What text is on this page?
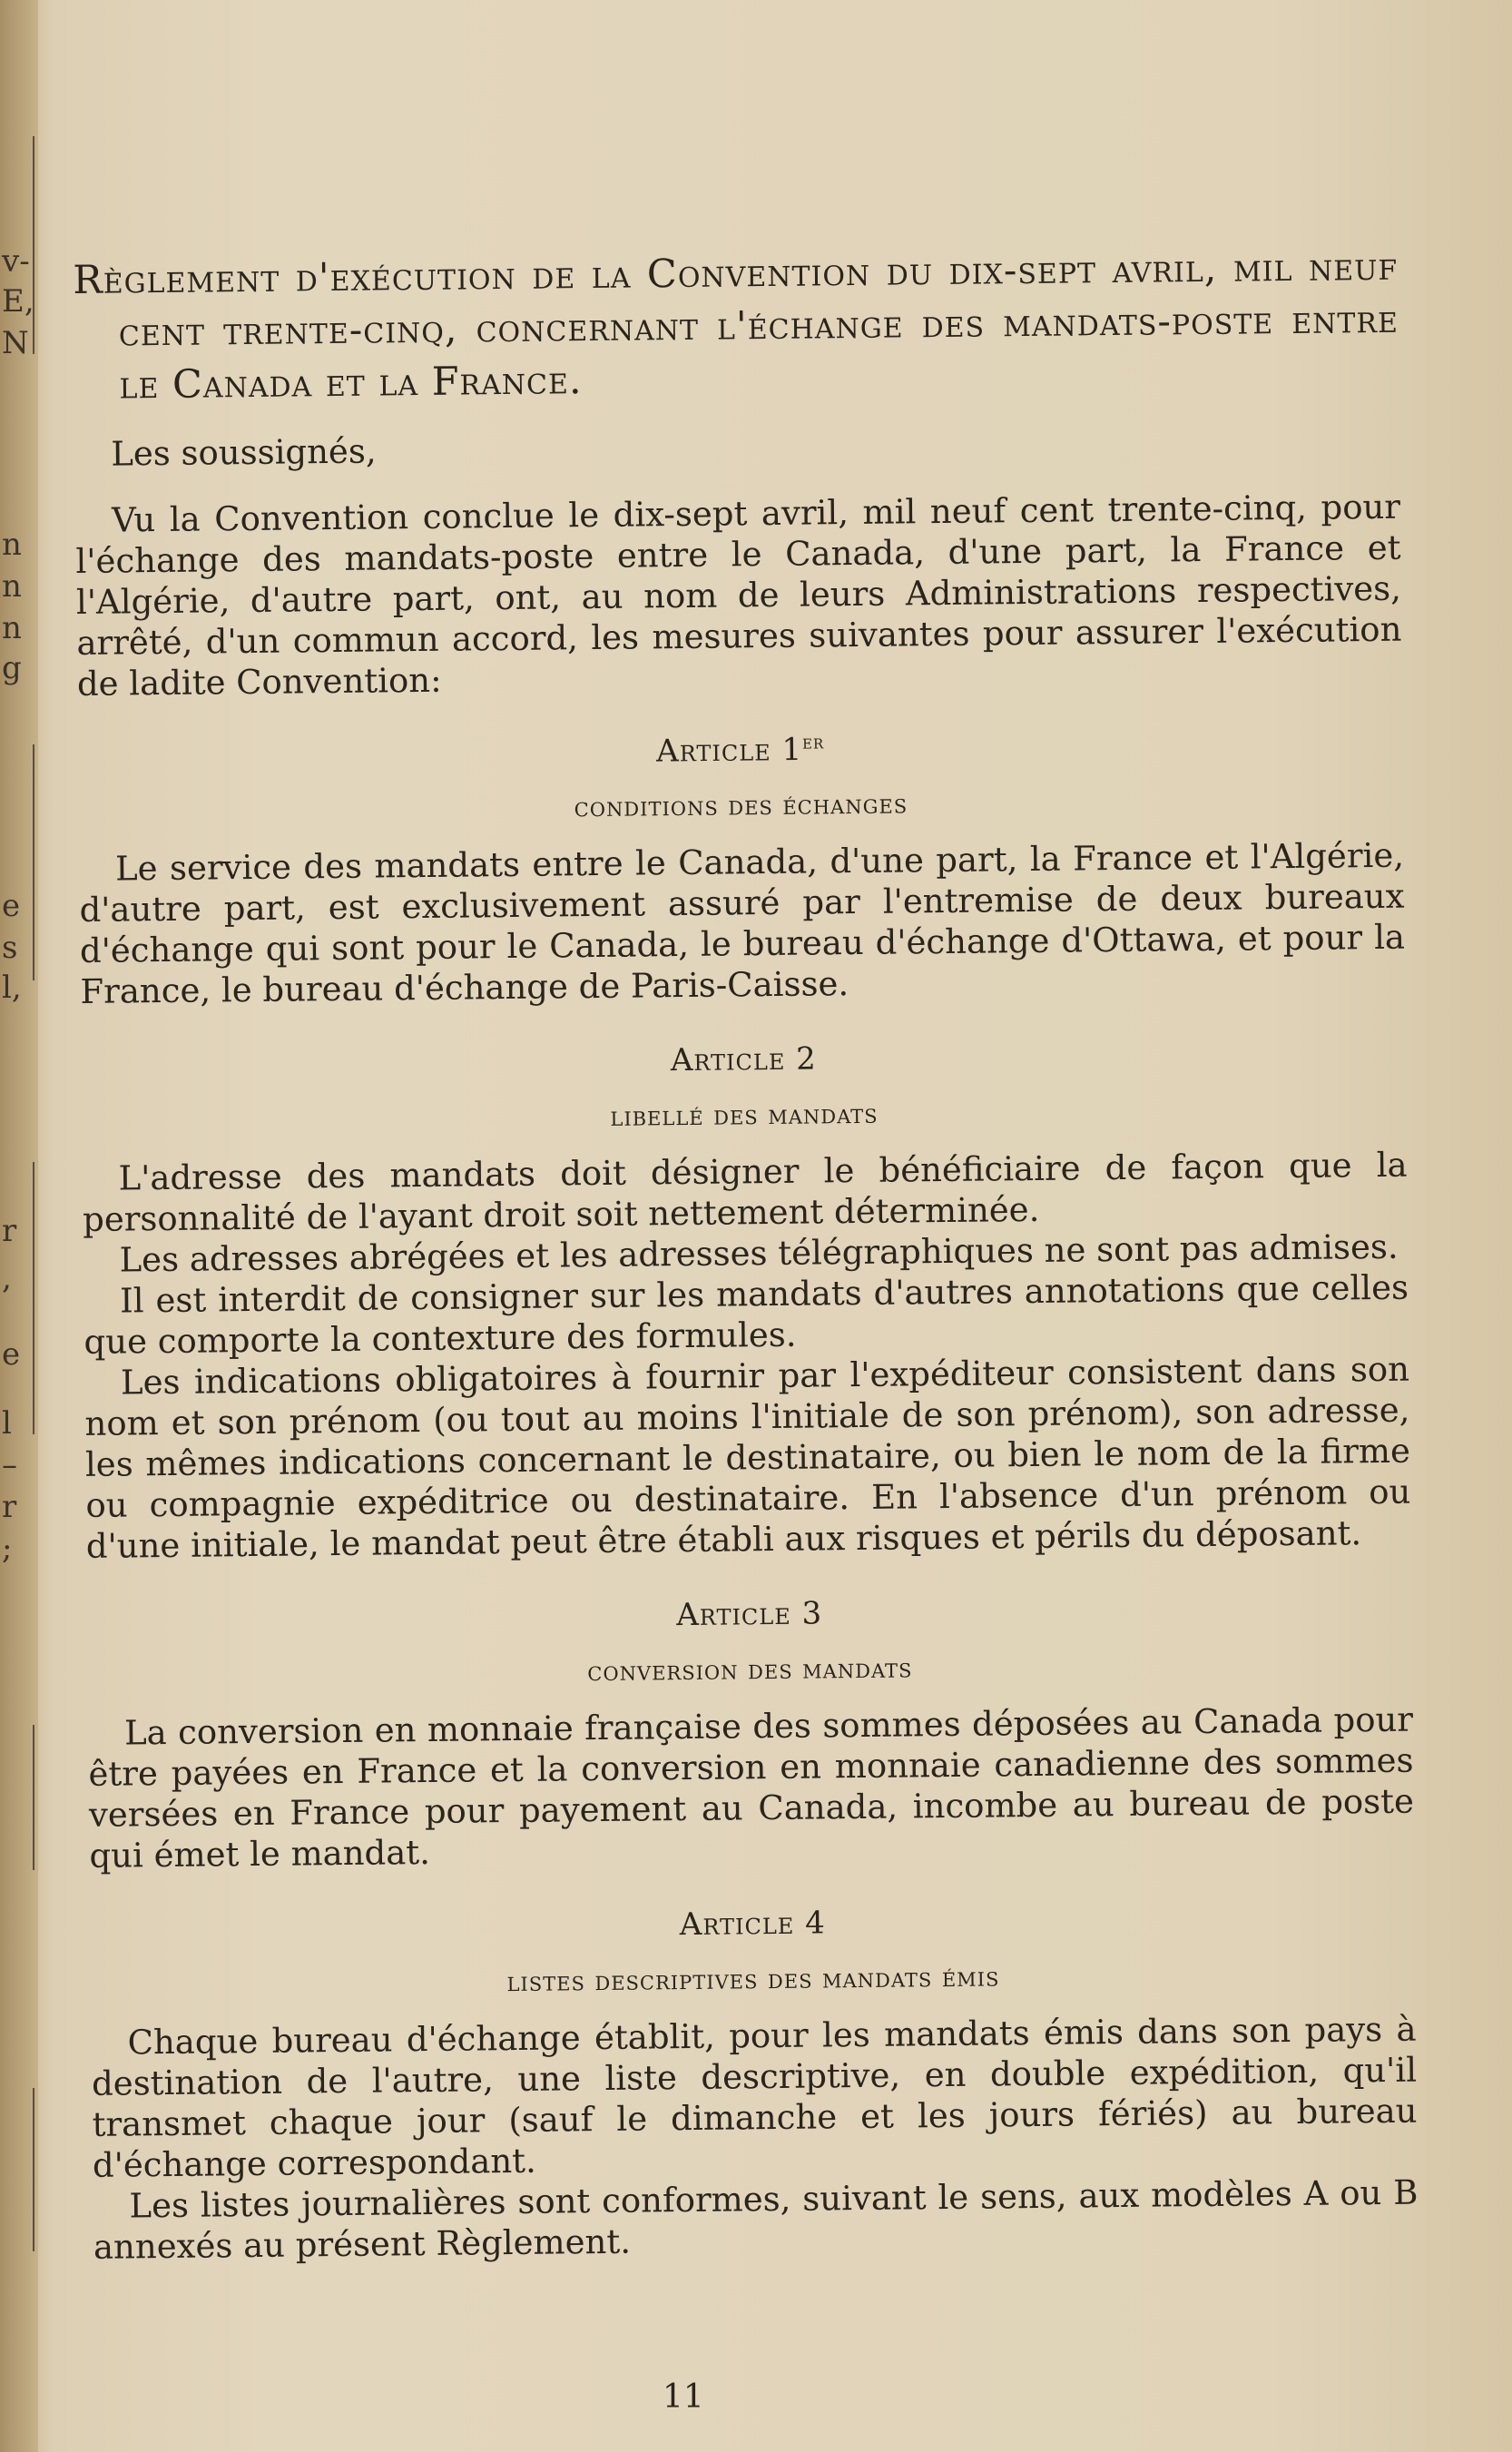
v-
E,
N
n
n
n
g
e
s
l,
r
,
e
l
–
r
;
Règlement d'exécution de la Convention du dix-sept avril, mil neuf cent trente-cinq, concernant l'échange des mandats-poste entre le Canada et la France.

Les soussignés,

Vu la Convention conclue le dix-sept avril, mil neuf cent trente-cinq, pour l'échange des mandats-poste entre le Canada, d'une part, la France et l'Algérie, d'autre part, ont, au nom de leurs Administrations respectives, arrêté, d'un commun accord, les mesures suivantes pour assurer l'exécution de ladite Convention:

Article 1er
conditions des échanges

Le service des mandats entre le Canada, d'une part, la France et l'Algérie, d'autre part, est exclusivement assuré par l'entremise de deux bureaux d'échange qui sont pour le Canada, le bureau d'échange d'Ottawa, et pour la France, le bureau d'échange de Paris-Caisse.

Article 2
libellé des mandats

L'adresse des mandats doit désigner le bénéficiaire de façon que la personnalité de l'ayant droit soit nettement déterminée.

Les adresses abrégées et les adresses télégraphiques ne sont pas admises.

Il est interdit de consigner sur les mandats d'autres annotations que celles que comporte la contexture des formules.

Les indications obligatoires à fournir par l'expéditeur consistent dans son nom et son prénom (ou tout au moins l'initiale de son prénom), son adresse, les mêmes indications concernant le destinataire, ou bien le nom de la firme ou compagnie expéditrice ou destinataire. En l'absence d'un prénom ou d'une initiale, le mandat peut être établi aux risques et périls du déposant.

Article 3
conversion des mandats

La conversion en monnaie française des sommes déposées au Canada pour être payées en France et la conversion en monnaie canadienne des sommes versées en France pour payement au Canada, incombe au bureau de poste qui émet le mandat.

Article 4
listes descriptives des mandats émis

Chaque bureau d'échange établit, pour les mandats émis dans son pays à destination de l'autre, une liste descriptive, en double expédition, qu'il transmet chaque jour (sauf le dimanche et les jours fériés) au bureau d'échange correspondant.

Les listes journalières sont conformes, suivant le sens, aux modèles A ou B annexés au présent Règlement.

11
